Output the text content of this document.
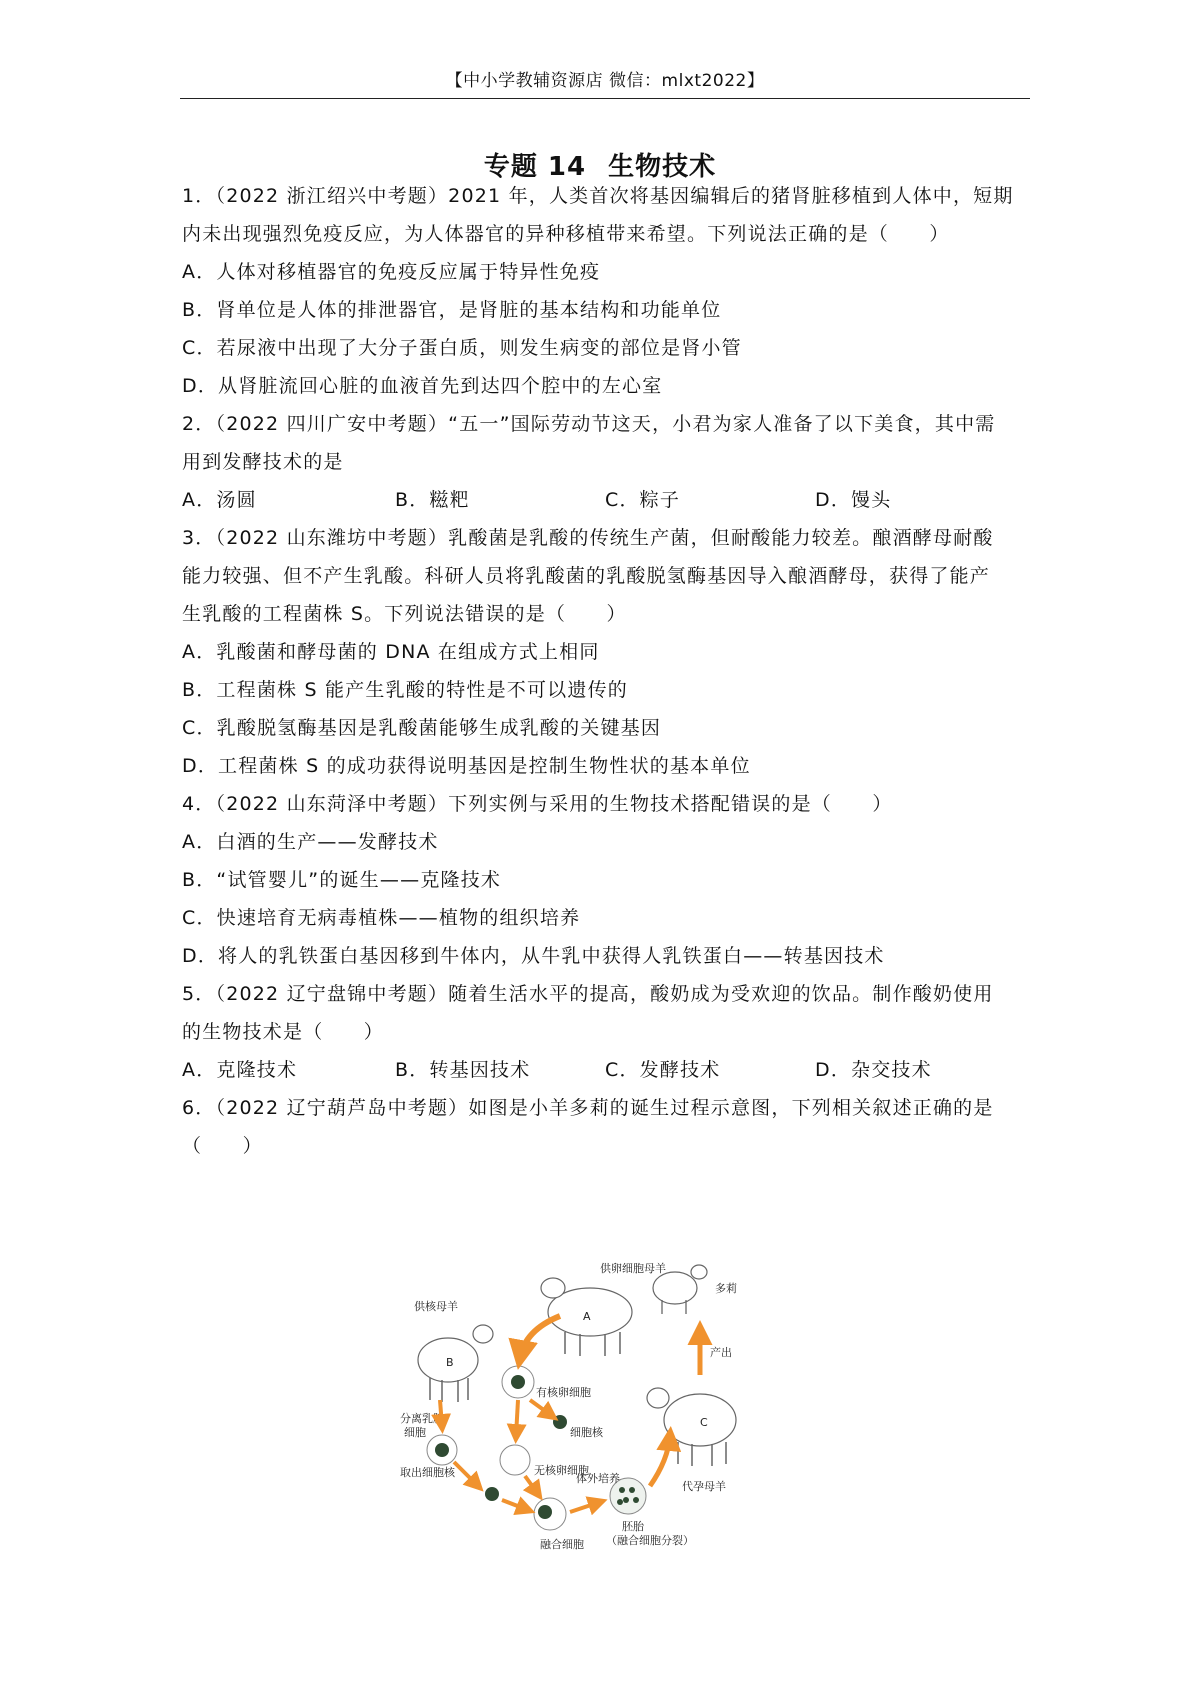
【中小学教辅资源店 微信：mlxt2022】
专题 14 生物技术
1．（2022 浙江绍兴中考题）2021 年，人类首次将基因编辑后的猪肾脏移植到人体中，短期
内未出现强烈免疫反应，为人体器官的异种移植带来希望。下列说法正确的是（　　）
A．人体对移植器官的免疫反应属于特异性免疫
B．肾单位是人体的排泄器官，是肾脏的基本结构和功能单位
C．若尿液中出现了大分子蛋白质，则发生病变的部位是肾小管
D．从肾脏流回心脏的血液首先到达四个腔中的左心室
2．（2022 四川广安中考题）“五一”国际劳动节这天，小君为家人准备了以下美食，其中需
用到发酵技术的是
A．汤圆	B．糍粑	C．粽子	D．馒头
3．（2022 山东潍坊中考题）乳酸菌是乳酸的传统生产菌，但耐酸能力较差。酿酒酵母耐酸
能力较强、但不产生乳酸。科研人员将乳酸菌的乳酸脱氢酶基因导入酿酒酵母，获得了能产
生乳酸的工程菌株 S。下列说法错误的是（　　）
A．乳酸菌和酵母菌的 DNA 在组成方式上相同
B．工程菌株 S 能产生乳酸的特性是不可以遗传的
C．乳酸脱氢酶基因是乳酸菌能够生成乳酸的关键基因
D．工程菌株 S 的成功获得说明基因是控制生物性状的基本单位
4．（2022 山东菏泽中考题）下列实例与采用的生物技术搭配错误的是（　　）
A．白酒的生产——发酵技术
B．“试管婴儿”的诞生——克隆技术
C．快速培育无病毒植株——植物的组织培养
D．将人的乳铁蛋白基因移到牛体内，从牛乳中获得人乳铁蛋白——转基因技术
5．（2022 辽宁盘锦中考题）随着生活水平的提高，酸奶成为受欢迎的饮品。制作酸奶使用
的生物技术是（　　）
A．克隆技术	B．转基因技术	C．发酵技术	D．杂交技术
6．（2022 辽宁葫芦岛中考题）如图是小羊多莉的诞生过程示意图，下列相关叙述正确的是
（　　）
A
供卵细胞母羊
B
供核母羊
分离乳腺
细胞
多莉
产出
C
代孕母羊
有核卵细胞
细胞核
无核卵细胞
取出细胞核
融合细胞
体外培养
胚胎
（融合细胞分裂）
